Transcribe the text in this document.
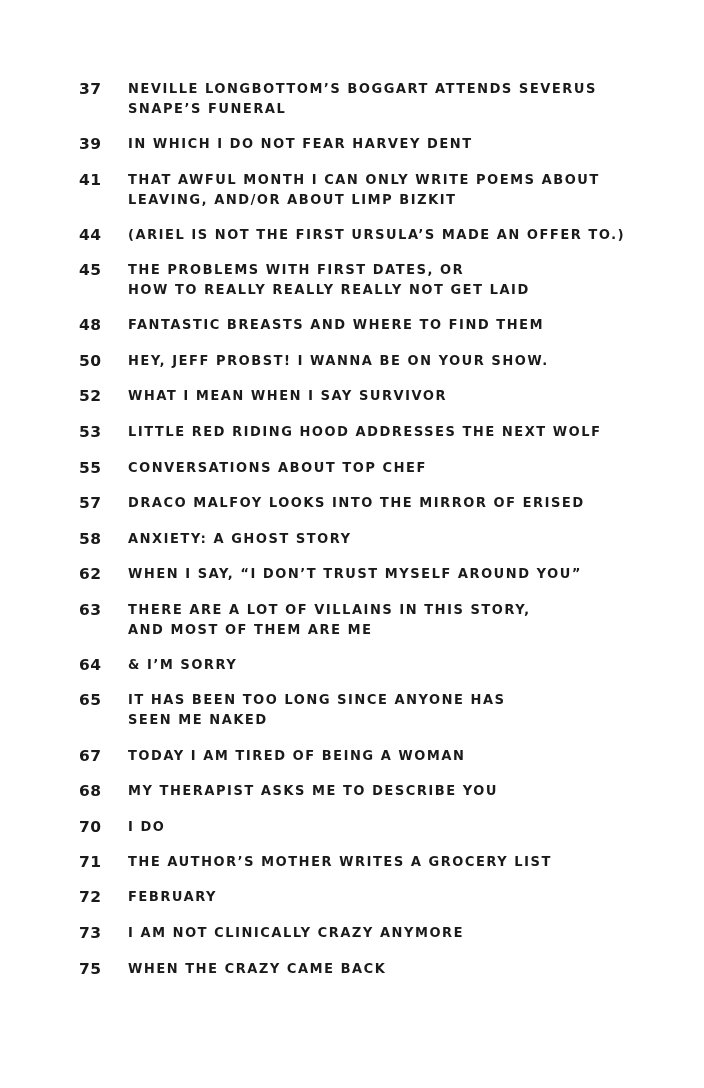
37	NEVILLE LONGBOTTOM’S BOGGART ATTENDS SEVERUS
SNAPE’S FUNERAL
39	IN WHICH I DO NOT FEAR HARVEY DENT
41	THAT AWFUL MONTH I CAN ONLY WRITE POEMS ABOUT
LEAVING, AND/OR ABOUT LIMP BIZKIT
44	(ARIEL IS NOT THE FIRST URSULA’S MADE AN OFFER TO.)
45	THE PROBLEMS WITH FIRST DATES, OR
HOW TO REALLY REALLY REALLY NOT GET LAID
48	FANTASTIC BREASTS AND WHERE TO FIND THEM
50	HEY, JEFF PROBST! I WANNA BE ON YOUR SHOW.
52	WHAT I MEAN WHEN I SAY SURVIVOR
53	LITTLE RED RIDING HOOD ADDRESSES THE NEXT WOLF
55	CONVERSATIONS ABOUT TOP CHEF
57	DRACO MALFOY LOOKS INTO THE MIRROR OF ERISED
58	ANXIETY: A GHOST STORY
62	WHEN I SAY, “I DON’T TRUST MYSELF AROUND YOU”
63	THERE ARE A LOT OF VILLAINS IN THIS STORY,
AND MOST OF THEM ARE ME
64	& I’M SORRY
65	IT HAS BEEN TOO LONG SINCE ANYONE HAS
SEEN ME NAKED
67	TODAY I AM TIRED OF BEING A WOMAN
68	MY THERAPIST ASKS ME TO DESCRIBE YOU
70	I DO
71	THE AUTHOR’S MOTHER WRITES A GROCERY LIST
72	FEBRUARY
73	I AM NOT CLINICALLY CRAZY ANYMORE
75	WHEN THE CRAZY CAME BACK
